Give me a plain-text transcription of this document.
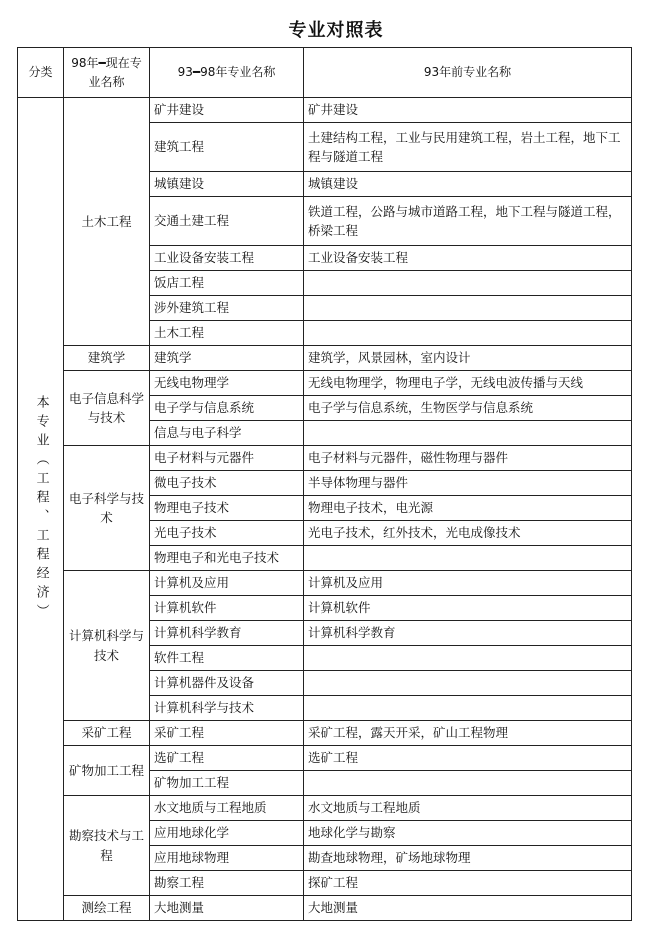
专业对照表
分类	98年━现在专业名称	93━98年专业名称	93年前专业名称

本专业（工程、工程经济）	土木工程	矿井建设	矿井建设
		建筑工程	土建结构工程，工业与民用建筑工程，岩土工程，地下工程与隧道工程
		城镇建设	城镇建设
		交通土建工程	铁道工程，公路与城市道路工程，地下工程与隧道工程，桥梁工程
		工业设备安装工程	工业设备安装工程
		饭店工程	
		涉外建筑工程	
		土木工程	
	建筑学	建筑学	建筑学，风景园林，室内设计
	电子信息科学与技术	无线电物理学	无线电物理学，物理电子学，无线电波传播与天线
		电子学与信息系统	电子学与信息系统，生物医学与信息系统
		信息与电子科学	
	电子科学与技术	电子材料与元器件	电子材料与元器件，磁性物理与器件
		微电子技术	半导体物理与器件
		物理电子技术	物理电子技术，电光源
		光电子技术	光电子技术，红外技术，光电成像技术
		物理电子和光电子技术	
	计算机科学与技术	计算机及应用	计算机及应用
		计算机软件	计算机软件
		计算机科学教育	计算机科学教育
		软件工程	
		计算机器件及设备	
		计算机科学与技术	
	采矿工程	采矿工程	采矿工程，露天开采，矿山工程物理
	矿物加工工程	选矿工程	选矿工程
		矿物加工工程	
	勘察技术与工程	水文地质与工程地质	水文地质与工程地质
		应用地球化学	地球化学与勘察
		应用地球物理	勘查地球物理，矿场地球物理
		勘察工程	探矿工程
	测绘工程	大地测量	大地测量
